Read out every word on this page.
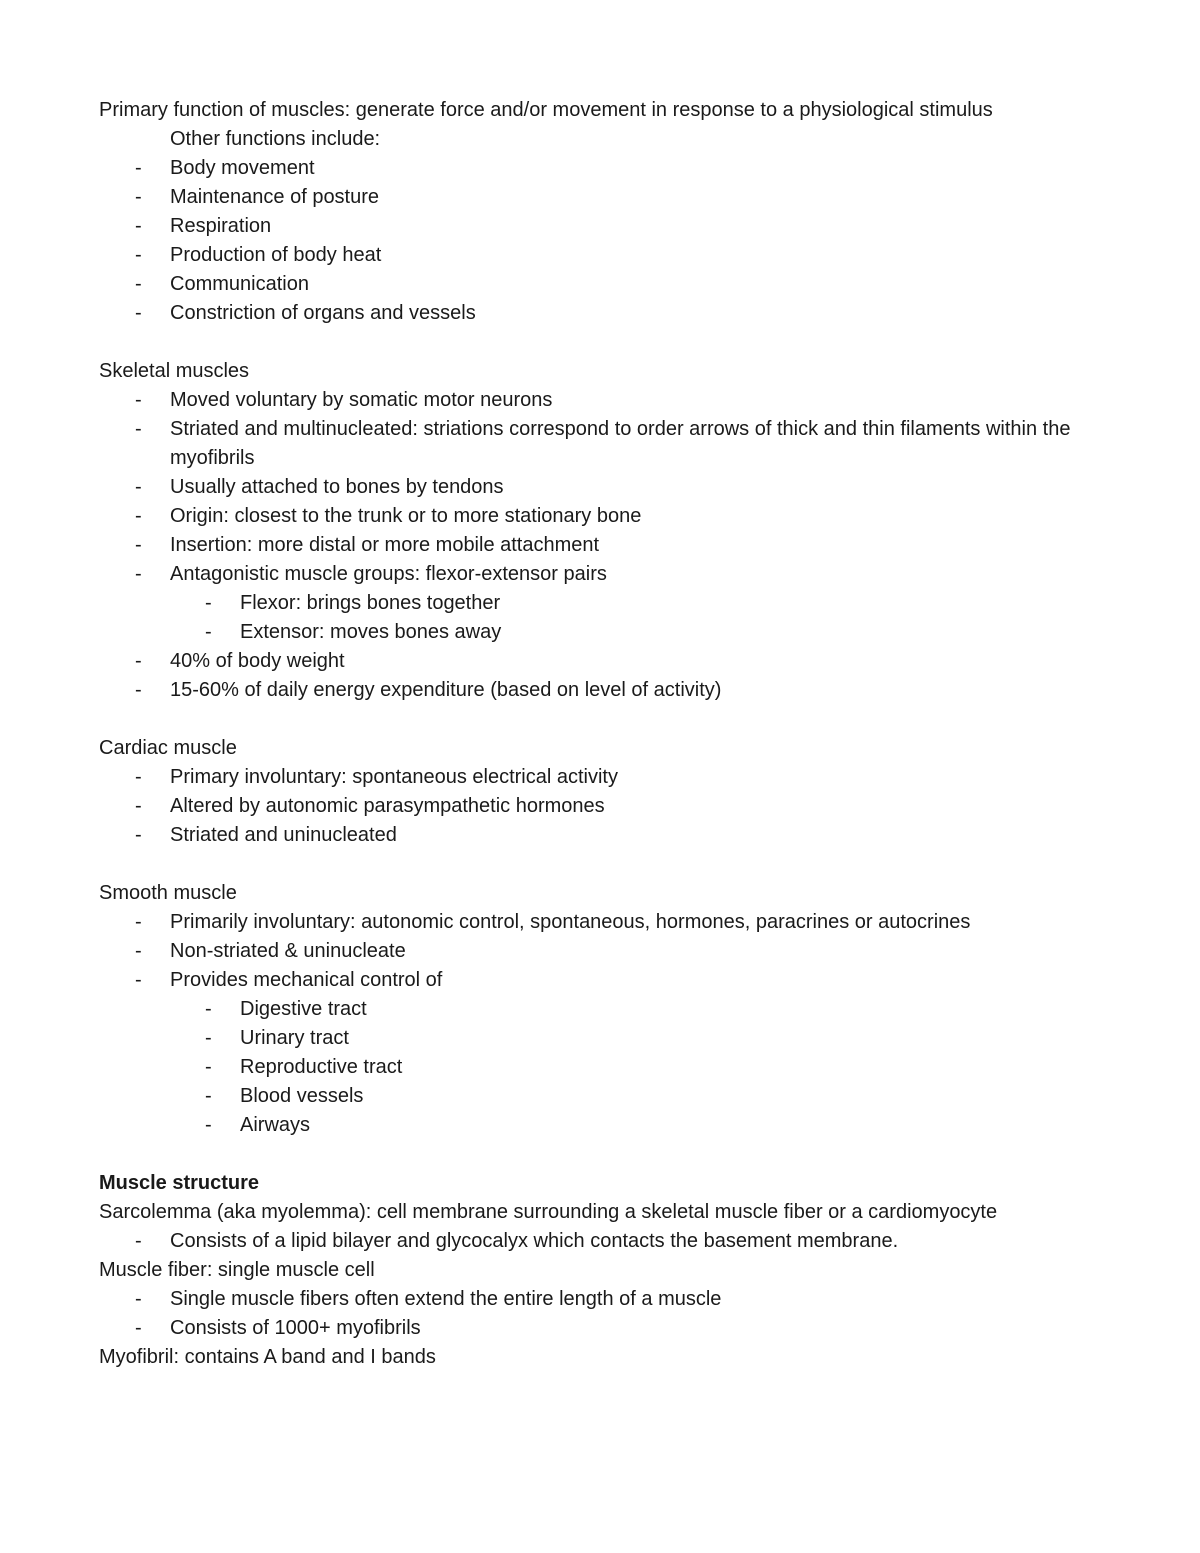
Primary function of muscles: generate force and/or movement in response to a physiological stimulus

Other functions include:

- Body movement
- Maintenance of posture
- Respiration
- Production of body heat
- Communication
- Constriction of organs and vessels

Skeletal muscles

- Moved voluntary by somatic motor neurons
- Striated and multinucleated: striations correspond to order arrows of thick and thin filaments within the myofibrils
- Usually attached to bones by tendons
- Origin: closest to the trunk or to more stationary bone
- Insertion: more distal or more mobile attachment
- Antagonistic muscle groups: flexor-extensor pairs
- Flexor: brings bones together
- Extensor: moves bones away
- 40% of body weight
- 15-60% of daily energy expenditure (based on level of activity)

Cardiac muscle

- Primary involuntary: spontaneous electrical activity
- Altered by autonomic parasympathetic hormones
- Striated and uninucleated

Smooth muscle

- Primarily involuntary: autonomic control, spontaneous, hormones, paracrines or autocrines
- Non-striated & uninucleate
- Provides mechanical control of
- Digestive tract
- Urinary tract
- Reproductive tract
- Blood vessels
- Airways

Muscle structure

Sarcolemma (aka myolemma): cell membrane surrounding a skeletal muscle fiber or a cardiomyocyte

- Consists of a lipid bilayer and glycocalyx which contacts the basement membrane.

Muscle fiber: single muscle cell

- Single muscle fibers often extend the entire length of a muscle
- Consists of 1000+ myofibrils

Myofibril: contains A band and I bands
